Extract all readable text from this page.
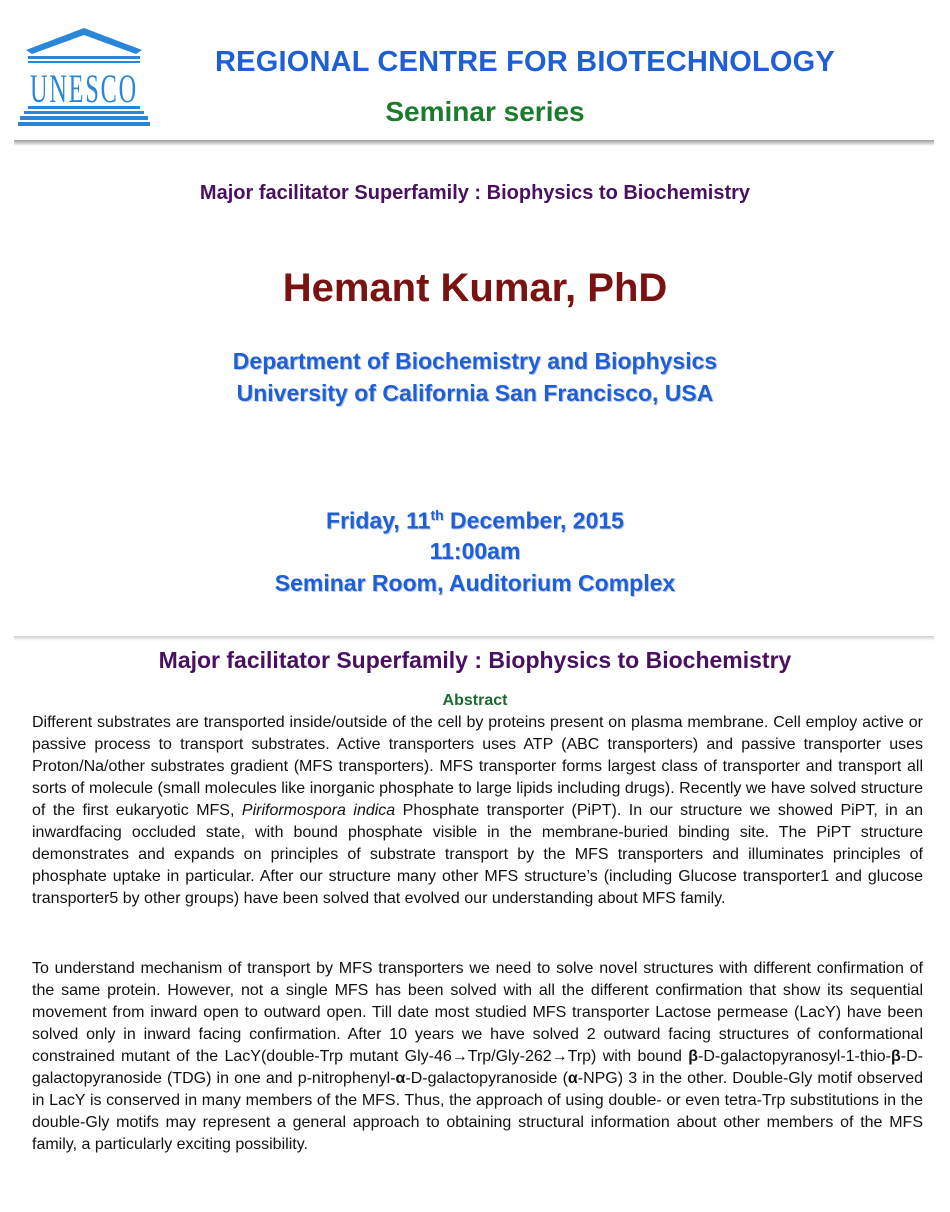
UNESCO
REGIONAL CENTRE FOR BIOTECHNOLOGY
Seminar series
Major facilitator Superfamily : Biophysics to Biochemistry
Hemant Kumar, PhD
Department of Biochemistry and Biophysics
University of California San Francisco, USA
Friday, 11th December, 2015
11:00am
Seminar Room, Auditorium Complex
Major facilitator Superfamily : Biophysics to Biochemistry
Abstract
Different substrates are transported inside/outside of the cell by proteins present on plasma membrane. Cell employ active or passive process to transport substrates. Active transporters uses ATP (ABC transporters) and passive transporter uses Proton/Na/other substrates gradient (MFS transporters). MFS transporter forms largest class of transporter and transport all sorts of molecule (small molecules like inorganic phosphate to large lipids including drugs). Recently we have solved structure of the first eukaryotic MFS, Piriformospora indica Phosphate transporter (PiPT). In our structure we showed PiPT, in an inwardfacing occluded state, with bound phosphate visible in the membrane-buried binding site. The PiPT structure demonstrates and expands on principles of substrate transport by the MFS transporters and illuminates principles of phosphate uptake in particular. After our structure many other MFS structure’s (including Glucose transporter1 and glucose transporter5 by other groups) have been solved that evolved our understanding about MFS family.
To understand mechanism of transport by MFS transporters we need to solve novel structures with different confirmation of the same protein. However, not a single MFS has been solved with all the different confirmation that show its sequential movement from inward open to outward open. Till date most studied MFS transporter Lactose permease (LacY) have been solved only in inward facing confirmation. After 10 years we have solved 2 outward facing structures of conformational constrained mutant of the LacY(double-Trp mutant Gly-46→Trp/Gly-262→Trp) with bound β-D-galactopyranosyl-1-thio-β-D-galactopyranoside (TDG) in one and p-nitrophenyl-α-D-galactopyranoside (α-NPG) 3 in the other. Double-Gly motif observed in LacY is conserved in many members of the MFS. Thus, the approach of using double- or even tetra-Trp substitutions in the double-Gly motifs may represent a general approach to obtaining structural information about other members of the MFS family, a particularly exciting possibility.
